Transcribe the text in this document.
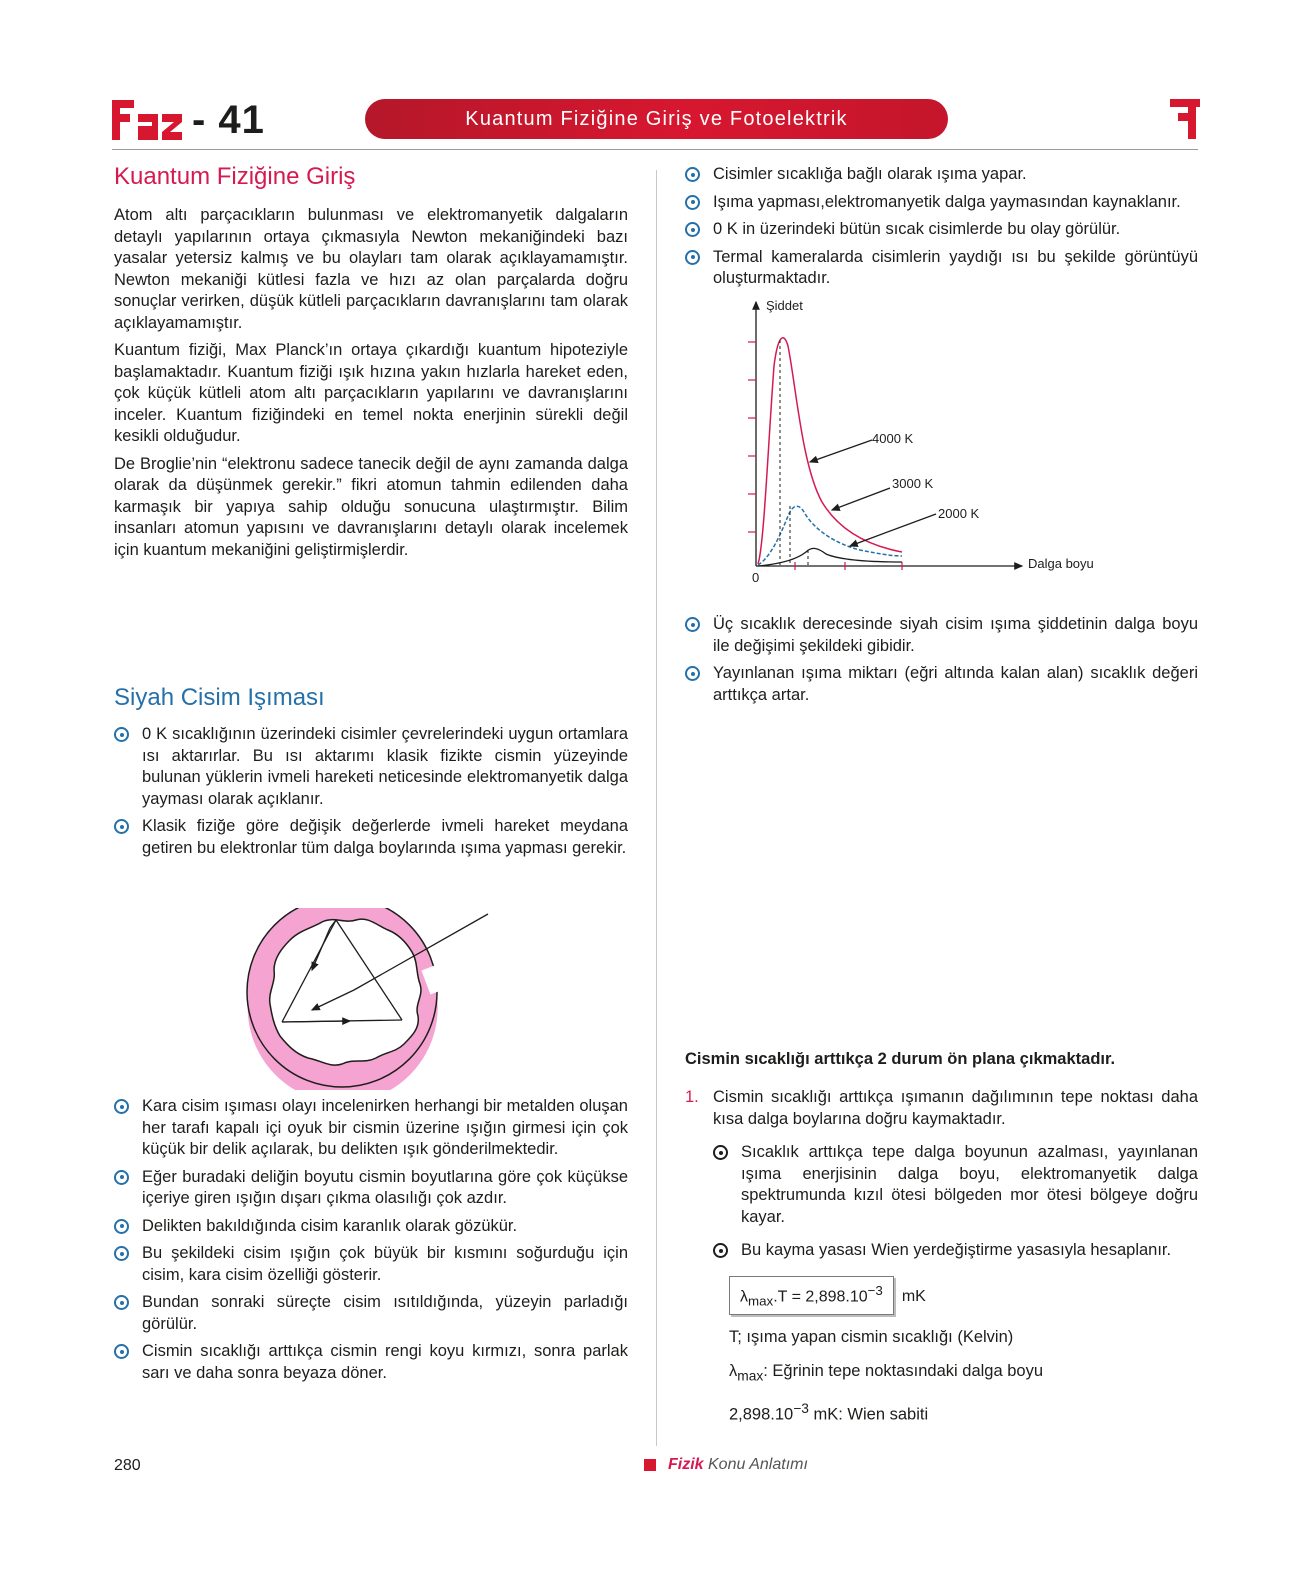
- 41	Kuantum Fiziğine Giriş ve Fotoelektrik
Kuantum Fiziğine Giriş

Atom altı parçacıkların bulunması ve elektromanyetik dalgaların detaylı yapılarının ortaya çıkmasıyla Newton mekaniğindeki bazı yasalar yetersiz kalmış ve bu olayları tam olarak açıklayamamıştır. Newton mekaniği kütlesi fazla ve hızı az olan parçalarda doğru sonuçlar verirken, düşük kütleli parçacıkların davranışlarını tam olarak açıklayamamıştır.

Kuantum fiziği, Max Planck’ın ortaya çıkardığı kuantum hipoteziyle başlamaktadır. Kuantum fiziği ışık hızına yakın hızlarla hareket eden, çok küçük kütleli atom altı parçacıkların yapılarını ve davranışlarını inceler. Kuantum fiziğindeki en temel nokta enerjinin sürekli değil kesikli olduğudur.

De Broglie’nin “elektronu sadece tanecik değil de aynı zamanda dalga olarak da düşünmek gerekir.” fikri atomun tahmin edilenden daha karmaşık bir yapıya sahip olduğu sonucuna ulaştırmıştır. Bilim insanları atomun yapısını ve davranışlarını detaylı olarak incelemek için kuantum mekaniğini geliştirmişlerdir.

Siyah Cisim Işıması
0 K sıcaklığının üzerindeki cisimler çevrelerindeki uygun ortamlara ısı aktarırlar. Bu ısı aktarımı klasik fizikte cismin yüzeyinde bulunan yüklerin ivmeli hareketi neticesinde elektromanyetik dalga yayması olarak açıklanır.
Klasik fiziğe göre değişik değerlerde ivmeli hareket meydana getiren bu elektronlar tüm dalga boylarında ışıma yapması gerekir.
Kara cisim ışıması olayı incelenirken herhangi bir metalden oluşan her tarafı kapalı içi oyuk bir cismin üzerine ışığın girmesi için çok küçük bir delik açılarak, bu delikten ışık gönderilmektedir.
Eğer buradaki deliğin boyutu cismin boyutlarına göre çok küçükse içeriye giren ışığın dışarı çıkma olasılığı çok azdır.
Delikten bakıldığında cisim karanlık olarak gözükür.
Bu şekildeki cisim ışığın çok büyük bir kısmını soğurduğu için cisim, kara cisim özelliği gösterir.
Bundan sonraki süreçte cisim ısıtıldığında, yüzeyin parladığı görülür.
Cismin sıcaklığı arttıkça cismin rengi koyu kırmızı, sonra parlak sarı ve daha sonra beyaza döner.
Cisimler sıcaklığa bağlı olarak ışıma yapar.
Işıma yapması,elektromanyetik dalga yaymasından kaynaklanır.
0 K in üzerindeki bütün sıcak cisimlerde bu olay görülür.
Termal kameralarda cisimlerin yaydığı ısı bu şekilde görüntüyü oluşturmaktadır.
Şiddet
Dalga boyu
0
4000 K
3000 K
2000 K
Üç sıcaklık derecesinde siyah cisim ışıma şiddetinin dalga boyu ile değişimi şekildeki gibidir.
Yayınlanan ışıma miktarı (eğri altında kalan alan) sıcaklık değeri arttıkça artar.
Cismin sıcaklığı arttıkça 2 durum ön plana çıkmaktadır.
1. Cismin sıcaklığı arttıkça ışımanın dağılımının tepe noktası daha kısa dalga boylarına doğru kaymaktadır.
Sıcaklık arttıkça tepe dalga boyunun azalması, yayınlanan ışıma enerjisinin dalga boyu, elektromanyetik dalga spektrumunda kızıl ötesi bölgeden mor ötesi bölgeye doğru kayar.
Bu kayma yasası Wien yerdeğiştirme yasasıyla hesaplanır.
$\lambda_{max}.T = 2,898.10^{-3}$ mK
T; ışıma yapan cismin sıcaklığı (Kelvin)
$\lambda_{max}$: Eğrinin tepe noktasındaki dalga boyu
$2,898.10^{-3}$ mK: Wien sabiti
280	Fizik Konu Anlatımı
